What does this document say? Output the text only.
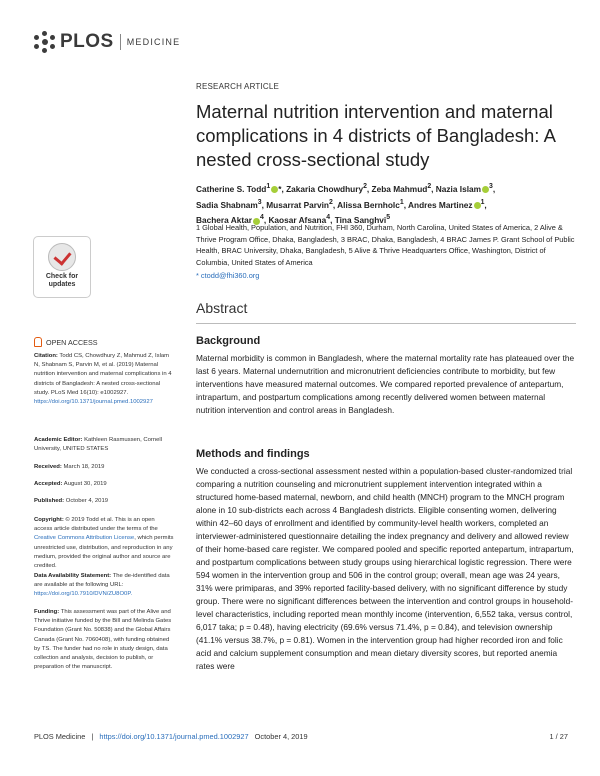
PLOS MEDICINE
RESEARCH ARTICLE
Maternal nutrition intervention and maternal complications in 4 districts of Bangladesh: A nested cross-sectional study
Catherine S. Todd$^1$ *, Zakaria Chowdhury$^2$, Zeba Mahmud$^2$, Nazia Islam $^3$,
Sadia Shabnam$^3$, Musarrat Parvin$^2$, Alissa Bernholc$^1$, Andres Martinez $^1$,
Bachera Aktar $^4$, Kaosar Afsana$^4$, Tina Sanghvi$^5$
1 Global Health, Population, and Nutrition, FHI 360, Durham, North Carolina, United States of America, 2 Alive & Thrive Program Office, Dhaka, Bangladesh, 3 BRAC, Dhaka, Bangladesh, 4 BRAC James P. Grant School of Public Health, BRAC University, Dhaka, Bangladesh, 5 Alive & Thrive Headquarters Office, Washington, District of Columbia, United States of America
* ctodd@fhi360.org
Abstract
Background
Maternal morbidity is common in Bangladesh, where the maternal mortality rate has plateaued over the last 6 years. Maternal undernutrition and micronutrient deficiencies contribute to morbidity, but few interventions have measured maternal outcomes. We compared reported prevalence of antepartum, intrapartum, and postpartum complications among recently delivered women between maternal nutrition intervention and control areas in Bangladesh.
Methods and findings
We conducted a cross-sectional assessment nested within a population-based cluster-randomized trial comparing a nutrition counseling and micronutrient supplement intervention integrated within a structured home-based maternal, newborn, and child health (MNCH) program to the MNCH program alone in 10 sub-districts each across 4 Bangladesh districts. Eligible consenting women, delivering within 42–60 days of enrollment and identified by community-level health workers, completed an interviewer-administered questionnaire detailing the index pregnancy and delivery and allowed review of their home-based care register. We compared pooled and specific reported antepartum, intrapartum, and postpartum complications between study groups using hierarchical logistic regression. There were 594 women in the intervention group and 506 in the control group; overall, mean age was 24 years, 31% were primiparas, and 39% reported facility-based delivery, with no significant difference by study group. There were no significant differences between the intervention and control groups in household-level characteristics, including reported mean monthly income (intervention, 6,552 taka, versus control, 6,017 taka; p = 0.48), having electricity (69.6% versus 71.4%, p = 0.84), and television ownership (41.1% versus 38.7%, p = 0.81). Women in the intervention group had higher recorded iron and folic acid and calcium supplement consumption and mean dietary diversity scores, but reported anemia rates were
Check for updates
OPEN ACCESS
Citation: Todd CS, Chowdhury Z, Mahmud Z, Islam N, Shabnam S, Parvin M, et al. (2019) Maternal nutrition intervention and maternal complications in 4 districts of Bangladesh: A nested cross-sectional study. PLoS Med 16(10): e1002927. https://doi.org/10.1371/journal.pmed.1002927
Academic Editor: Kathleen Rasmussen, Cornell University, UNITED STATES
Received: March 18, 2019
Accepted: August 30, 2019
Published: October 4, 2019
Copyright: © 2019 Todd et al. This is an open access article distributed under the terms of the Creative Commons Attribution License, which permits unrestricted use, distribution, and reproduction in any medium, provided the original author and source are credited.
Data Availability Statement: The de-identified data are available at the following URL: https://doi.org/10.7910/DVN/ZU8O0P.
Funding: This assessment was part of the Alive and Thrive initiative funded by the Bill and Melinda Gates Foundation (Grant No. 50838) and the Global Affairs Canada (Grant No. 7060408), with funding obtained by TS. The funder had no role in study design, data collection and analysis, decision to publish, or preparation of the manuscript.
PLOS Medicine | https://doi.org/10.1371/journal.pmed.1002927 October 4, 2019	1 / 27
